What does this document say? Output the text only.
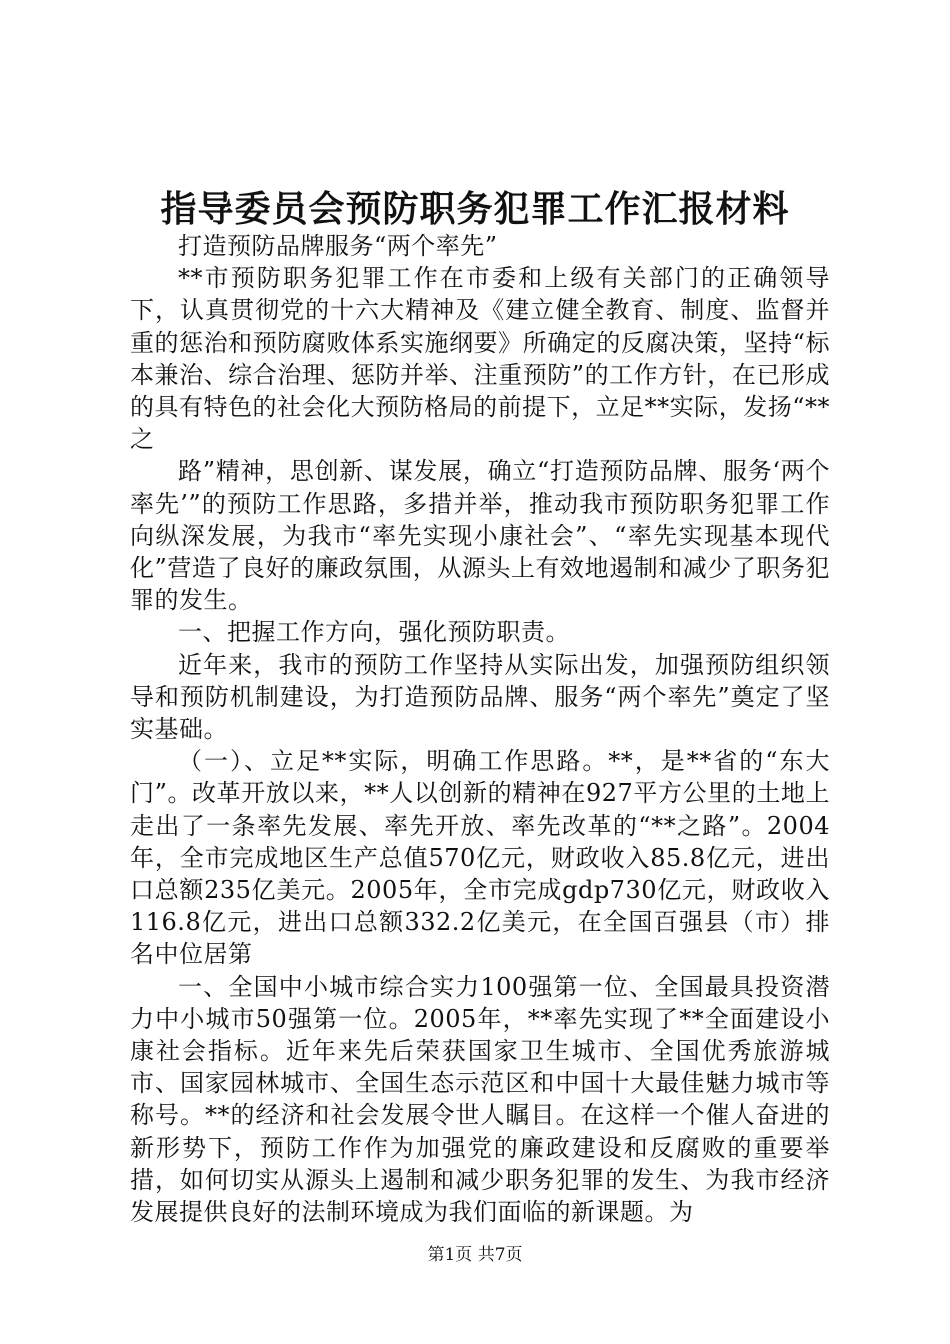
指导委员会预防职务犯罪工作汇报材料

打造预防品牌服务“两个率先”

**市预防职务犯罪工作在市委和上级有关部门的正确领导下，认真贯彻党的十六大精神及《建立健全教育、制度、监督并重的惩治和预防腐败体系实施纲要》所确定的反腐决策，坚持“标本兼治、综合治理、惩防并举、注重预防”的工作方针，在已形成的具有特色的社会化大预防格局的前提下，立足**实际，发扬“**之

路”精神，思创新、谋发展，确立“打造预防品牌、服务‘两个率先’”的预防工作思路，多措并举，推动我市预防职务犯罪工作向纵深发展，为我市“率先实现小康社会”、“率先实现基本现代化”营造了良好的廉政氛围，从源头上有效地遏制和减少了职务犯罪的发生。

一、把握工作方向，强化预防职责。

近年来，我市的预防工作坚持从实际出发，加强预防组织领导和预防机制建设，为打造预防品牌、服务“两个率先”奠定了坚实基础。

（一）、立足**实际，明确工作思路。**，是**省的“东大门”。改革开放以来，**人以创新的精神在927平方公里的土地上走出了一条率先发展、率先开放、率先改革的“**之路”。2004年，全市完成地区生产总值570亿元，财政收入85.8亿元，进出口总额235亿美元。2005年，全市完成gdp730亿元，财政收入116.8亿元，进出口总额332.2亿美元，在全国百强县（市）排名中位居第

一、全国中小城市综合实力100强第一位、全国最具投资潜力中小城市50强第一位。2005年，**率先实现了**全面建设小康社会指标。近年来先后荣获国家卫生城市、全国优秀旅游城市、国家园林城市、全国生态示范区和中国十大最佳魅力城市等称号。**的经济和社会发展令世人瞩目。在这样一个催人奋进的新形势下，预防工作作为加强党的廉政建设和反腐败的重要举措，如何切实从源头上遏制和减少职务犯罪的发生、为我市经济发展提供良好的法制环境成为我们面临的新课题。为

第1页 共7页
